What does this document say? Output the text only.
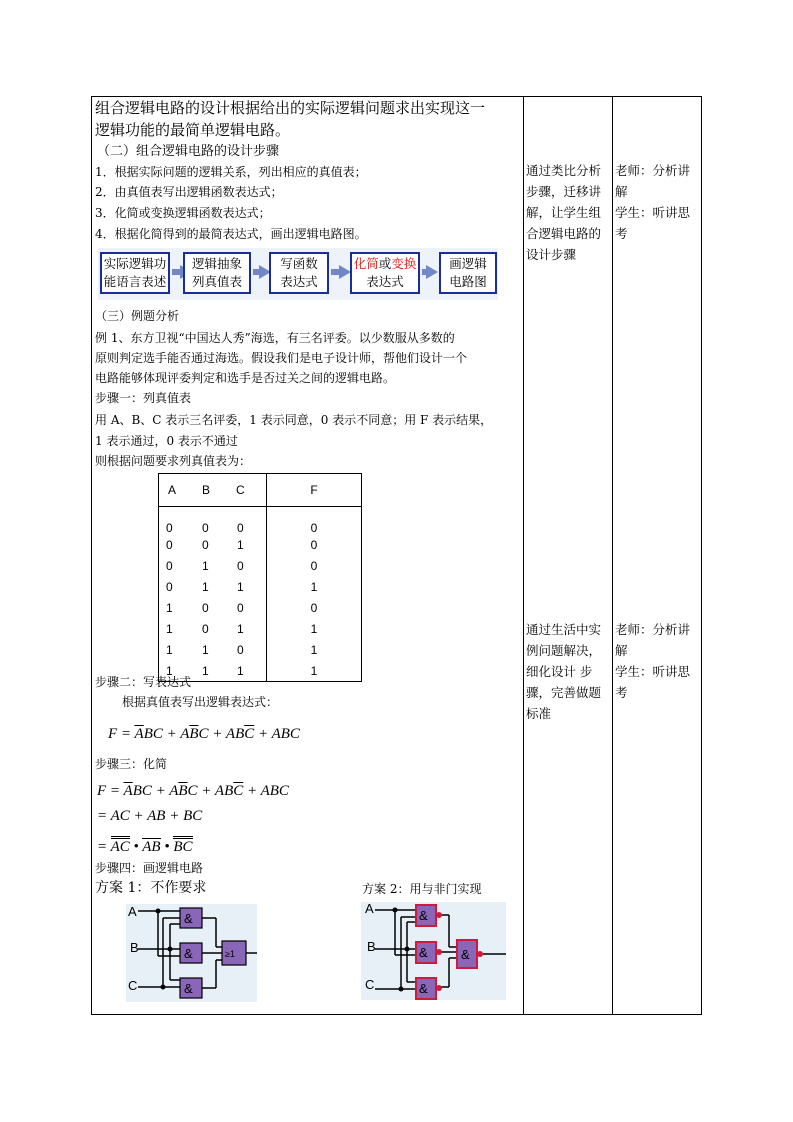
组合逻辑电路的设计根据给出的实际逻辑问题求出实现这一
逻辑功能的最简单逻辑电路。
（二）组合逻辑电路的设计步骤
1．根据实际问题的逻辑关系，列出相应的真值表；
2．由真值表写出逻辑函数表达式；
3．化简或变换逻辑函数表达式；
4．根据化简得到的最简表达式，画出逻辑电路图。
实际逻辑功
能语言表述
逻辑抽象
列真值表
写函数
表达式
化简或变换
表达式
画逻辑
电路图
（三）例题分析
例 1、东方卫视“中国达人秀”海选，有三名评委。以少数服从多数的
原则判定选手能否通过海选。假设我们是电子设计师，帮他们设计一个
电路能够体现评委判定和选手是否过关之间的逻辑电路。
步骤一：列真值表
用 A、B、C 表示三名评委，1 表示同意，0 表示不同意；用 F 表示结果，
1 表示通过，0 表示不通过
则根据问题要求列真值表为：
A B C	F
0 0 0	0
0 0 1	0
0 1 0	0
0 1 1	1
1 0 0	0
1 0 1	1
1 1 0	1
1 1 1	1
步骤二：写表达式
根据真值表写出逻辑表达式：
$F = \overline{A}BC + A\overline{B}C + AB\overline{C}$ + ABC
步骤三：化简
$F = \overline{A}BC + A\overline{B}C + AB\overline{C}$ + ABC
= AC + AB + BC
= AC • AB • BC
步骤四：画逻辑电路
方案 1：不作要求	方案 2：用与非门实现
&
&
&
≥1
A
B
C
&
&
&
&
A
B
C
通过类比分析
步骤，迁移讲
解，让学生组
合逻辑电路的
设计步骤
通过生活中实
例问题解决，
细化设计 步
骤，完善做题
标准
老师：分析讲
解
学生：听讲思
考
老师：分析讲
解
学生：听讲思
考
